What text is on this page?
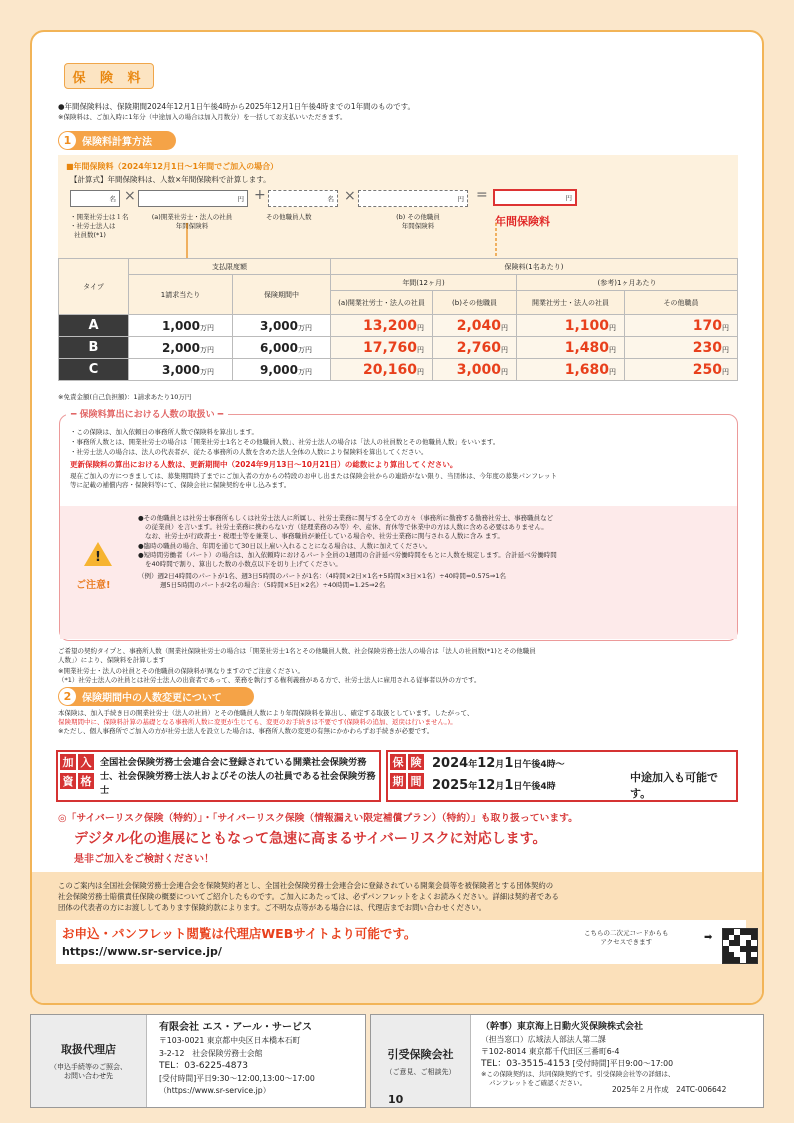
保 険 料
●年間保険料は、保険期間2024年12月1日午後4時から2025年12月1日午後4時までの1年間のものです。
※保険料は、ご加入時に1年分（中途加入の場合は加入月数分）を一括してお支払いいただきます。
1	保険料計算方法
■年間保険料（2024年12月1日～1年間でご加入の場合）
【計算式】年間保険料は、人数×年間保険料で計算します。
名 ×	円 +	名 ×	円 =	円
・開業社労士は１名
・社労士法人は
社員数(*1)
(a)開業社労士・法人の社員
年間保険料
その他職員人数	(b) その他職員
年間保険料	年間保険料
タイプ	支払限度額		保険料(1名あたり)			
	1請求当たり	保険期間中	年間(12ヶ月)		(参考)1ヶ月あたり	
			(a)開業社労士・法人の社員	(b)その他職員	開業社労士・法人の社員	その他職員
A	1,000万円	3,000万円	13,200円	2,040円	1,100円	170円
B	2,000万円	6,000万円	17,760円	2,760円	1,480円	230円
C	3,000万円	9,000万円	20,160円	3,000円	1,680円	250円
※免責金額(自己負担額)：1請求あたり10万円
━ 保険料算出における人数の取扱い ━
・この保険は、加入依頼日の事務所人数で保険料を算出します。
・事務所人数とは、開業社労士の場合は「開業社労士1名とその他職員人数」、社労士法人の場合は「法人の社員数とその他職員人数」をいいます。
・社労士法人の場合は、法人の代表者が、従たる事務所の人数を含めた法人全体の人数により保険料を算出してください。
更新保険料の算出における人数は、更新期間中（2024年9月13日～10月21日）の総数により算出してください。
現在ご加入の方につきましては、募集期間終了までにご加入者の方からの特段のお申し出または保険会社からの連絡がない限り、当団体は、今年度の募集パンフレット
等に記載の補償内容・保険料等にて、保険会社に保険契約を申し込みます。
!
ご注意!
●その他職員とは社労士事務所もしくは社労士法人に所属し、社労士業務に関与する全ての方々（事務所に勤務する勤務社労士、事務職員など
の従業員）を言います。社労士業務に携わらない方（経理業務のみ等）や、産休、育休等で休業中の方は人数に含める必要はありません。
なお、社労士が行政書士・税理士等を兼業し、事務職員が兼任している場合や、社労士業務に関与される人数に含み ます。
●臨時の職員の場合、年間を通じて30日以上雇い入れることになる場合は、人数に加えてください。
●短時間労働者（パート）の場合は、加入依頼時におけるパート全員の1週間の合計延べ労働時間をもとに人数を規定します。合計延べ労働時間
を40時間で割り、算出した数の小数点以下を切り上げてください。
（例）週2日4時間のパートが1名、週3日5時間のパートが1名：（4時間×2日×1名+5時間×3日×1名）÷40時間=0.575⇒1名
週5日5時間のパートが2名の場合：（5時間×5日×2名）÷40時間=1.25⇒2名
ご希望の契約タイプと、事務所人数（開業社保険社労士の場合は「開業社労士1名とその他職員人数、社会保険労務士法人の場合は「法人の社員数(*1)とその他職員
人数」）により、保険料を計算します
※開業社労士・法人の社員とその他職員の保険料が異なりますのでご注意ください。
（*1）社労士法人の社員とは社労士法人の出資者であって、業務を執行する権利義務がある方で、社労士法人に雇用される従事者以外の方です。
2	保険期間中の人数変更について
本保険は、加入手続き日の開業社労士（法人の社員）とその他職員人数により年間保険料を算出し、確定する取扱としています。したがって、
保険期間中に、保険料計算の基礎となる事務所人数に変更が生じても、変更のお手続きは不要です(保険料の追加、返戻は行いません。)。
※ただし、個人事務所でご加入の方が社労士法人を設立した場合は、事務所人数の変更の有無にかかわらずお手続きが必要です。
加 入
資 格
全国社会保険労務士会連合会に登録されている開業社会保険労務士、社会保険労務士法人およびその法人の社員である社会保険労務士
保 険
期 間
2024年12月1日午後4時～
2025年12月1日午後4時
中途加入も可能です。
◎「サイバーリスク保険（特約）」・「サイバーリスク保険（情報漏えい限定補償プラン）（特約）」も取り扱っています。
デジタル化の進展にともなって急速に高まるサイバーリスクに対応します。
是非ご加入をご検討ください！
このご案内は全国社会保険労務士会連合会を保険契約者とし、全国社会保険労務士会連合会に登録されている開業会員等を被保険者とする団体契約の
社会保険労務士賠償責任保険の概要についてご紹介したものです。ご加入にあたっては、必ずパンフレットをよくお読みください。詳細は契約者である
団体の代表者の方にお渡ししてあります保険約款によります。ご不明な点等がある場合には、代理店までお問い合わせください。
お申込・パンフレット閲覧は代理店WEBサイトより可能です。
https://www.sr-service.jp/
こちらの二次元コードからも
アクセスできます	➡
取扱代理店
（申込手続等のご照会、
お問い合わせ先
有限会社 エス・アール・サービス
〒103-0021 東京都中央区日本橋本石町
3-2-12　社会保険労務士会館
TEL：03-6225-4873
[受付時間]平日9:30～12:00,13:00～17:00
（https://www.sr-service.jp）
引受保険会社
（ご意見、ご相談先）
（幹事）東京海上日動火災保険株式会社
（担当窓口）広域法人部法人第二課
〒102-8014 東京都千代田区三番町6-4
TEL：03-3515-4153 [受付時間]平日9:00～17:00
※この保険契約は、共同保険契約です。引受保険会社等の詳細は、
パンフレットをご確認ください。
10
2025年２月作成　24TC-006642
